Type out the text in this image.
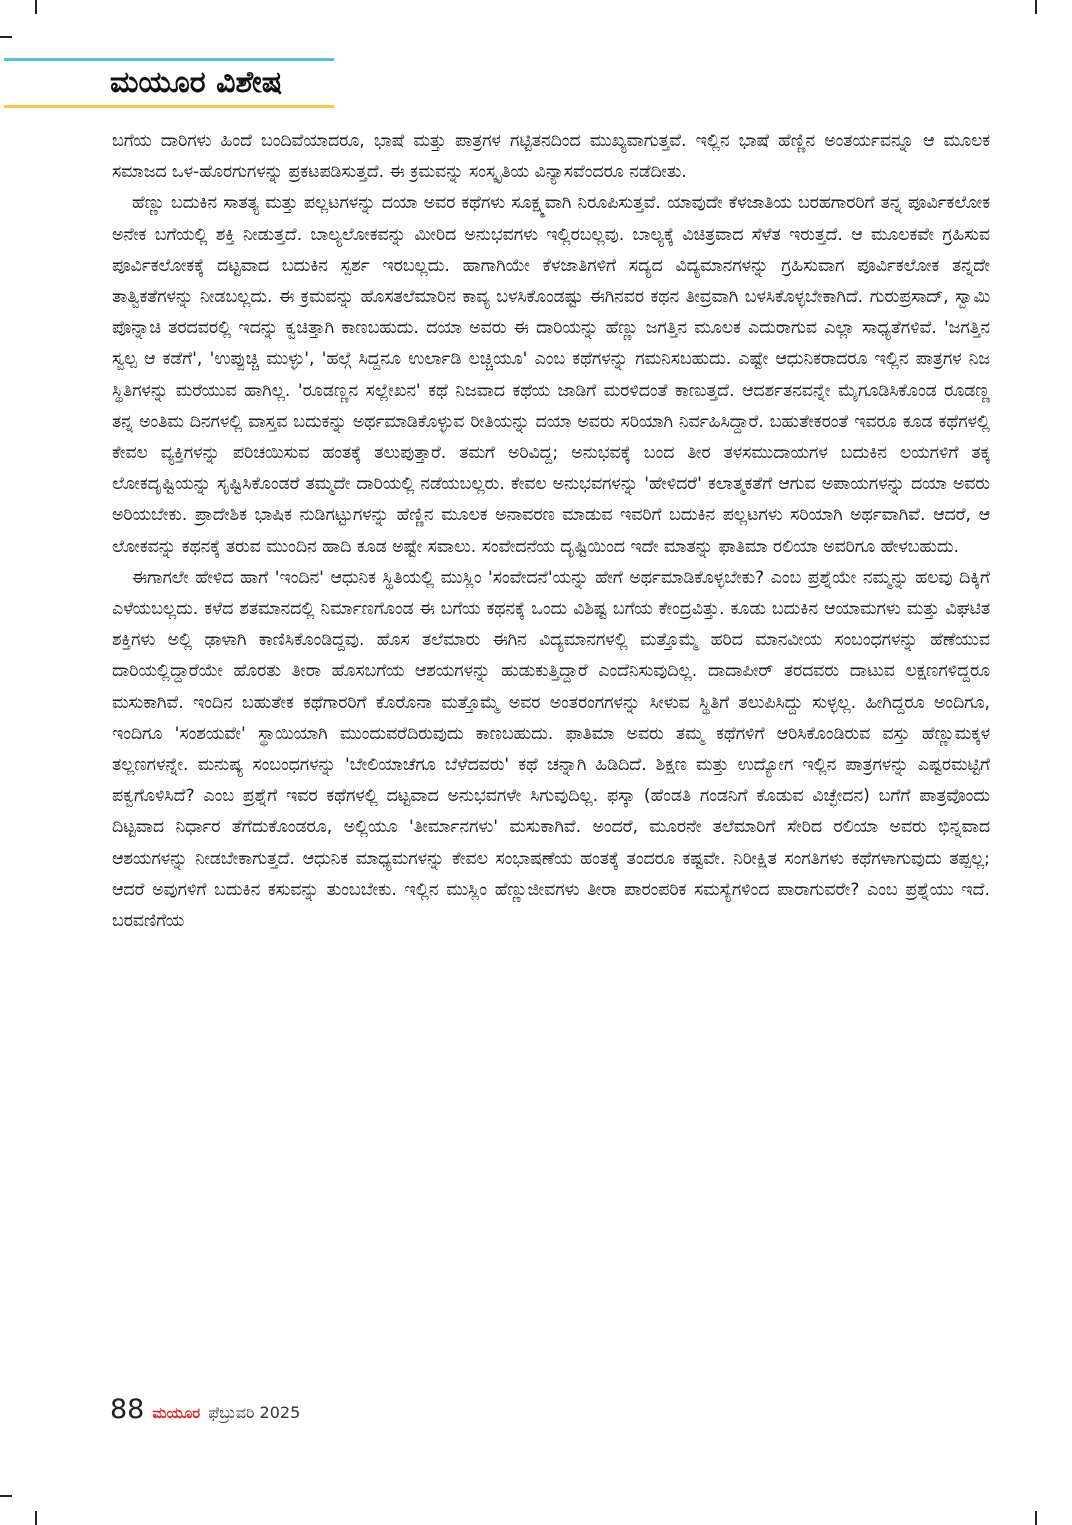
ಮಯೂರ ವಿಶೇಷ

ಬಗೆಯ ದಾರಿಗಳು ಹಿಂದೆ ಬಂದಿವೆಯಾದರೂ, ಭಾಷೆ ಮತ್ತು ಪಾತ್ರಗಳ ಗಟ್ಟಿತನದಿಂದ ಮುಖ್ಯವಾಗುತ್ತವೆ. ಇಲ್ಲಿನ ಭಾಷೆ ಹೆಣ್ಣಿನ ಅಂತರ್ಯವನ್ನೂ ಆ ಮೂಲಕ ಸಮಾಜದ ಒಳ-ಹೊರಗುಗಳನ್ನು ಪ್ರಕಟಪಡಿಸುತ್ತದೆ. ಈ ಕ್ರಮವನ್ನು ಸಂಸ್ಕೃತಿಯ ವಿನ್ಯಾಸವೆಂದರೂ ನಡೆದೀತು.

ಹೆಣ್ಣು ಬದುಕಿನ ಸಾತತ್ಯ ಮತ್ತು ಪಲ್ಲಟಗಳನ್ನು ದಯಾ ಅವರ ಕಥೆಗಳು ಸೂಕ್ಷ್ಮವಾಗಿ ನಿರೂಪಿಸುತ್ತವೆ. ಯಾವುದೇ ಕೆಳಜಾತಿಯ ಬರಹಗಾರರಿಗೆ ತನ್ನ ಪೂರ್ವಿಕಲೋಕ ಅನೇಕ ಬಗೆಯಲ್ಲಿ ಶಕ್ತಿ ನೀಡುತ್ತದೆ. ಬಾಲ್ಯಲೋಕವನ್ನು ಮೀರಿದ ಅನುಭವಗಳು ಇಲ್ಲಿರಬಲ್ಲವು. ಬಾಲ್ಯಕ್ಕೆ ವಿಚಿತ್ರವಾದ ಸೆಳೆತ ಇರುತ್ತದೆ. ಆ ಮೂಲಕವೇ ಗ್ರಹಿಸುವ ಪೂರ್ವಿಕಲೋಕಕ್ಕೆ ದಟ್ಟವಾದ ಬದುಕಿನ ಸ್ಪರ್ಶ ಇರಬಲ್ಲದು. ಹಾಗಾಗಿಯೇ ಕೆಳಜಾತಿಗಳಿಗೆ ಸದ್ಯದ ವಿದ್ಯಮಾನಗಳನ್ನು ಗ್ರಹಿಸುವಾಗ ಪೂರ್ವಿಕಲೋಕ ತನ್ನದೇ ತಾತ್ವಿಕತೆಗಳನ್ನು ನೀಡಬಲ್ಲದು. ಈ ಕ್ರಮವನ್ನು ಹೊಸತಲೆಮಾರಿನ ಕಾವ್ಯ ಬಳಸಿಕೊಂಡಷ್ಟು ಈಗಿನವರ ಕಥನ ತೀವ್ರವಾಗಿ ಬಳಸಿಕೊಳ್ಳಬೇಕಾಗಿದೆ. ಗುರುಪ್ರಸಾದ್, ಸ್ವಾಮಿ ಪೊನ್ನಾಚಿ ತರದವರಲ್ಲಿ ಇದನ್ನು ಕ್ವಚಿತ್ತಾಗಿ ಕಾಣಬಹುದು. ದಯಾ ಅವರು ಈ ದಾರಿಯನ್ನು ಹೆಣ್ಣು ಜಗತ್ತಿನ ಮೂಲಕ ಎದುರಾಗುವ ಎಲ್ಲಾ ಸಾಧ್ಯತೆಗಳಿವೆ. 'ಜಗತ್ತಿನ ಸ್ವಲ್ಪ ಆ ಕಡೆಗೆ', 'ಉಪ್ಪುಚ್ಚಿ ಮುಳ್ಳು', 'ಹಲ್ಗೆ ಸಿದ್ದನೂ ಉರ್ಲಾಡಿ ಲಚ್ಚಿಯೂ' ಎಂಬ ಕಥೆಗಳನ್ನು ಗಮನಿಸಬಹುದು. ಎಷ್ಟೇ ಆಧುನಿಕರಾದರೂ ಇಲ್ಲಿನ ಪಾತ್ರಗಳ ನಿಜ ಸ್ಥಿತಿಗಳನ್ನು ಮರೆಯುವ ಹಾಗಿಲ್ಲ. 'ರೂಡಣ್ಣನ ಸಲ್ಲೇಖನ' ಕಥೆ ನಿಜವಾದ ಕಥೆಯ ಜಾಡಿಗೆ ಮರಳಿದಂತೆ ಕಾಣುತ್ತದೆ. ಆದರ್ಶತನವನ್ನೇ ಮೈಗೂಡಿಸಿಕೊಂಡ ರೂಡಣ್ಣ ತನ್ನ ಅಂತಿಮ ದಿನಗಳಲ್ಲಿ ವಾಸ್ತವ ಬದುಕನ್ನು ಅರ್ಥಮಾಡಿಕೊಳ್ಳುವ ರೀತಿಯನ್ನು ದಯಾ ಅವರು ಸರಿಯಾಗಿ ನಿರ್ವಹಿಸಿದ್ದಾರೆ. ಬಹುತೇಕರಂತೆ ಇವರೂ ಕೂಡ ಕಥೆಗಳಲ್ಲಿ ಕೇವಲ ವ್ಯಕ್ತಿಗಳನ್ನು ಪರಿಚಯಿಸುವ ಹಂತಕ್ಕೆ ತಲುಪುತ್ತಾರೆ. ತಮಗೆ ಅರಿವಿದ್ದ; ಅನುಭವಕ್ಕೆ ಬಂದ ತೀರ ತಳಸಮುದಾಯಗಳ ಬದುಕಿನ ಲಯಗಳಿಗೆ ತಕ್ಕ ಲೋಕದೃಷ್ಟಿಯನ್ನು ಸೃಷ್ಟಿಸಿಕೊಂಡರೆ ತಮ್ಮದೇ ದಾರಿಯಲ್ಲಿ ನಡೆಯಬಲ್ಲರು. ಕೇವಲ ಅನುಭವಗಳನ್ನು 'ಹೇಳಿದರೆ' ಕಲಾತ್ಮಕತೆಗೆ ಆಗುವ ಅಪಾಯಗಳನ್ನು ದಯಾ ಅವರು ಅರಿಯಬೇಕು. ಪ್ರಾದೇಶಿಕ ಭಾಷಿಕ ನುಡಿಗಟ್ಟುಗಳನ್ನು ಹೆಣ್ಣಿನ ಮೂಲಕ ಅನಾವರಣ ಮಾಡುವ ಇವರಿಗೆ ಬದುಕಿನ ಪಲ್ಲಟಗಳು ಸರಿಯಾಗಿ ಅರ್ಥವಾಗಿವೆ. ಆದರೆ, ಆ ಲೋಕವನ್ನು ಕಥನಕ್ಕೆ ತರುವ ಮುಂದಿನ ಹಾದಿ ಕೂಡ ಅಷ್ಟೇ ಸವಾಲು. ಸಂವೇದನೆಯ ದೃಷ್ಟಿಯಿಂದ ಇದೇ ಮಾತನ್ನು ಫಾತಿಮಾ ರಲಿಯಾ ಅವರಿಗೂ ಹೇಳಬಹುದು.

ಈಗಾಗಲೇ ಹೇಳಿದ ಹಾಗೆ 'ಇಂದಿನ' ಆಧುನಿಕ ಸ್ಥಿತಿಯಲ್ಲಿ ಮುಸ್ಲಿಂ 'ಸಂವೇದನೆ'ಯನ್ನು ಹೇಗೆ ಅರ್ಥಮಾಡಿಕೊಳ್ಳಬೇಕು? ಎಂಬ ಪ್ರಶ್ನೆಯೇ ನಮ್ಮನ್ನು ಹಲವು ದಿಕ್ಕಿಗೆ ಎಳೆಯಬಲ್ಲದು. ಕಳೆದ ಶತಮಾನದಲ್ಲಿ ನಿರ್ಮಾಣಗೊಂಡ ಈ ಬಗೆಯ ಕಥನಕ್ಕೆ ಒಂದು ವಿಶಿಷ್ಟ ಬಗೆಯ ಕೇಂದ್ರವಿತ್ತು. ಕೂಡು ಬದುಕಿನ ಆಯಾಮಗಳು ಮತ್ತು ವಿಘಟಿತ ಶಕ್ತಿಗಳು ಅಲ್ಲಿ ಢಾಳಾಗಿ ಕಾಣಿಸಿಕೊಂಡಿದ್ದವು. ಹೊಸ ತಲೆಮಾರು ಈಗಿನ ವಿದ್ಯಮಾನಗಳಲ್ಲಿ ಮತ್ತೊಮ್ಮೆ ಹರಿದ ಮಾನವೀಯ ಸಂಬಂಧಗಳನ್ನು ಹೆಣೆಯುವ ದಾರಿಯಲ್ಲಿದ್ದಾರೆಯೇ ಹೊರತು ತೀರಾ ಹೊಸಬಗೆಯ ಆಶಯಗಳನ್ನು ಹುಡುಕುತ್ತಿದ್ದಾರೆ ಎಂದೆನಿಸುವುದಿಲ್ಲ. ದಾದಾಪೀರ್ ತರದವರು ದಾಟುವ ಲಕ್ಷಣಗಳಿದ್ದರೂ ಮಸುಕಾಗಿವೆ. ಇಂದಿನ ಬಹುತೇಕ ಕಥೆಗಾರರಿಗೆ ಕೊರೊನಾ ಮತ್ತೊಮ್ಮೆ ಅವರ ಅಂತರಂಗಗಳನ್ನು ಸೀಳುವ ಸ್ಥಿತಿಗೆ ತಲುಪಿಸಿದ್ದು ಸುಳ್ಳಲ್ಲ. ಹೀಗಿದ್ದರೂ ಅಂದಿಗೂ, ಇಂದಿಗೂ 'ಸಂಶಯವೇ' ಸ್ಥಾಯಿಯಾಗಿ ಮುಂದುವರೆದಿರುವುದು ಕಾಣಬಹುದು. ಫಾತಿಮಾ ಅವರು ತಮ್ಮ ಕಥೆಗಳಿಗೆ ಆರಿಸಿಕೊಂಡಿರುವ ವಸ್ತು ಹೆಣ್ಣುಮಕ್ಕಳ ತಲ್ಲಣಗಳನ್ನೇ. ಮನುಷ್ಯ ಸಂಬಂಧಗಳನ್ನು 'ಬೇಲಿಯಾಚೆಗೂ ಬೆಳೆದವರು' ಕಥೆ ಚನ್ನಾಗಿ ಹಿಡಿದಿದೆ. ಶಿಕ್ಷಣ ಮತ್ತು ಉದ್ಯೋಗ ಇಲ್ಲಿನ ಪಾತ್ರಗಳನ್ನು ಎಷ್ಟರಮಟ್ಟಿಗೆ ಪಕ್ವಗೊಳಿಸಿದೆ? ಎಂಬ ಪ್ರಶ್ನೆಗೆ ಇವರ ಕಥೆಗಳಲ್ಲಿ ದಟ್ಟವಾದ ಅನುಭವಗಳೇ ಸಿಗುವುದಿಲ್ಲ. ಫಸ್ಕಾ (ಹೆಂಡತಿ ಗಂಡನಿಗೆ ಕೊಡುವ ವಿಚ್ಛೇದನ) ಬಗೆಗೆ ಪಾತ್ರವೊಂದು ದಿಟ್ಟವಾದ ನಿರ್ಧಾರ ತೆಗೆದುಕೊಂಡರೂ, ಅಲ್ಲಿಯೂ 'ತೀರ್ಮಾನಗಳು' ಮಸುಕಾಗಿವೆ. ಅಂದರೆ, ಮೂರನೇ ತಲೆಮಾರಿಗೆ ಸೇರಿದ ರಲಿಯಾ ಅವರು ಭಿನ್ನವಾದ ಆಶಯಗಳನ್ನು ನೀಡಬೇಕಾಗುತ್ತದೆ. ಆಧುನಿಕ ಮಾಧ್ಯಮಗಳನ್ನು ಕೇವಲ ಸಂಭಾಷಣೆಯ ಹಂತಕ್ಕೆ ತಂದರೂ ಕಷ್ಟವೇ. ನಿರೀಕ್ಷಿತ ಸಂಗತಿಗಳು ಕಥೆಗಳಾಗುವುದು ತಪ್ಪಲ್ಲ; ಆದರೆ ಅವುಗಳಿಗೆ ಬದುಕಿನ ಕಸುವನ್ನು ತುಂಬಬೇಕು. ಇಲ್ಲಿನ ಮುಸ್ಲಿಂ ಹೆಣ್ಣುಜೀವಗಳು ತೀರಾ ಪಾರಂಪರಿಕ ಸಮಸ್ಯೆಗಳಿಂದ ಪಾರಾಗುವರೇ? ಎಂಬ ಪ್ರಶ್ನೆಯು ಇದೆ. ಬರವಣಿಗೆಯ

88 ಮಯೂರ ಫೆಬ್ರುವರಿ 2025
